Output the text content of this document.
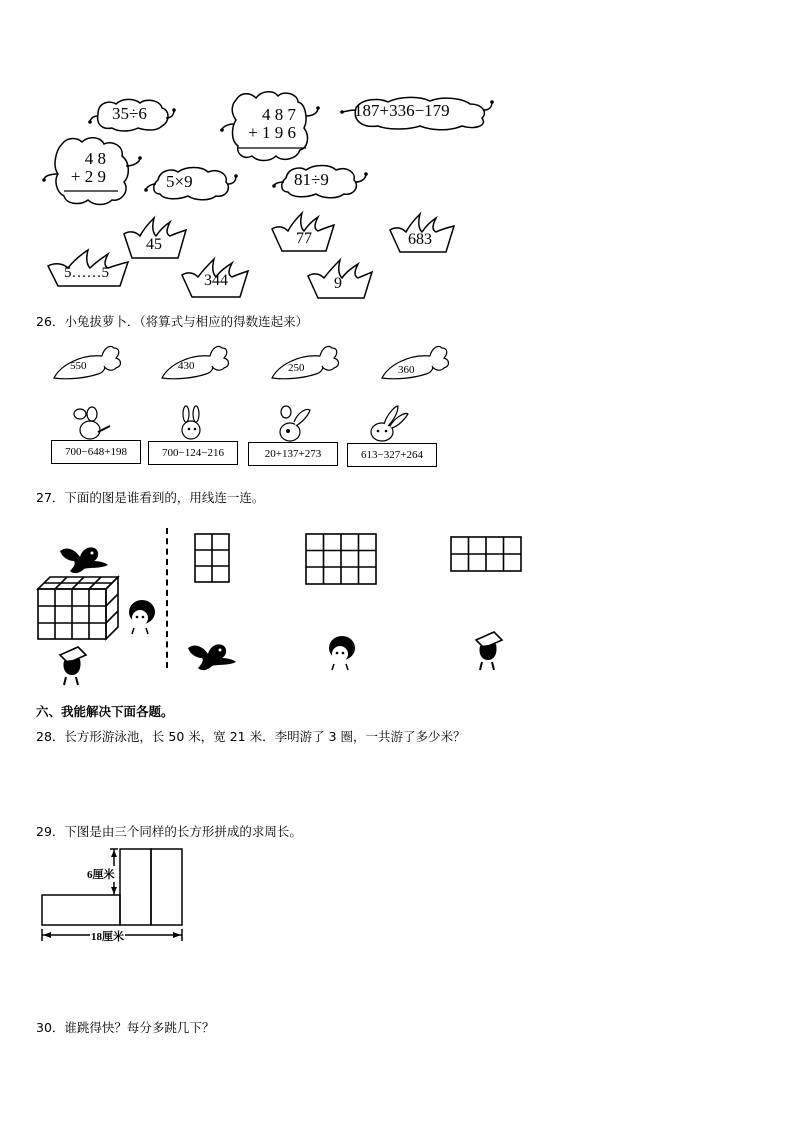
35÷6	4 8 7
+ 1 9 6
187+336−179
4 8
+ 2 9	5×9	81÷9
45	77	683
5……5	344	9
26．小兔拔萝卜．（将算式与相应的得数连起来）
550	430	250	360
700−648+198	700−124−216	20+137+273	613−327+264
27．下面的图是谁看到的，用线连一连。
六、我能解决下面各题。
28．长方形游泳池，长 50 米，宽 21 米．李明游了 3 圈，一共游了多少米？
29．下图是由三个同样的长方形拼成的求周长。
6厘米
18厘米
30．谁跳得快？每分多跳几下？
